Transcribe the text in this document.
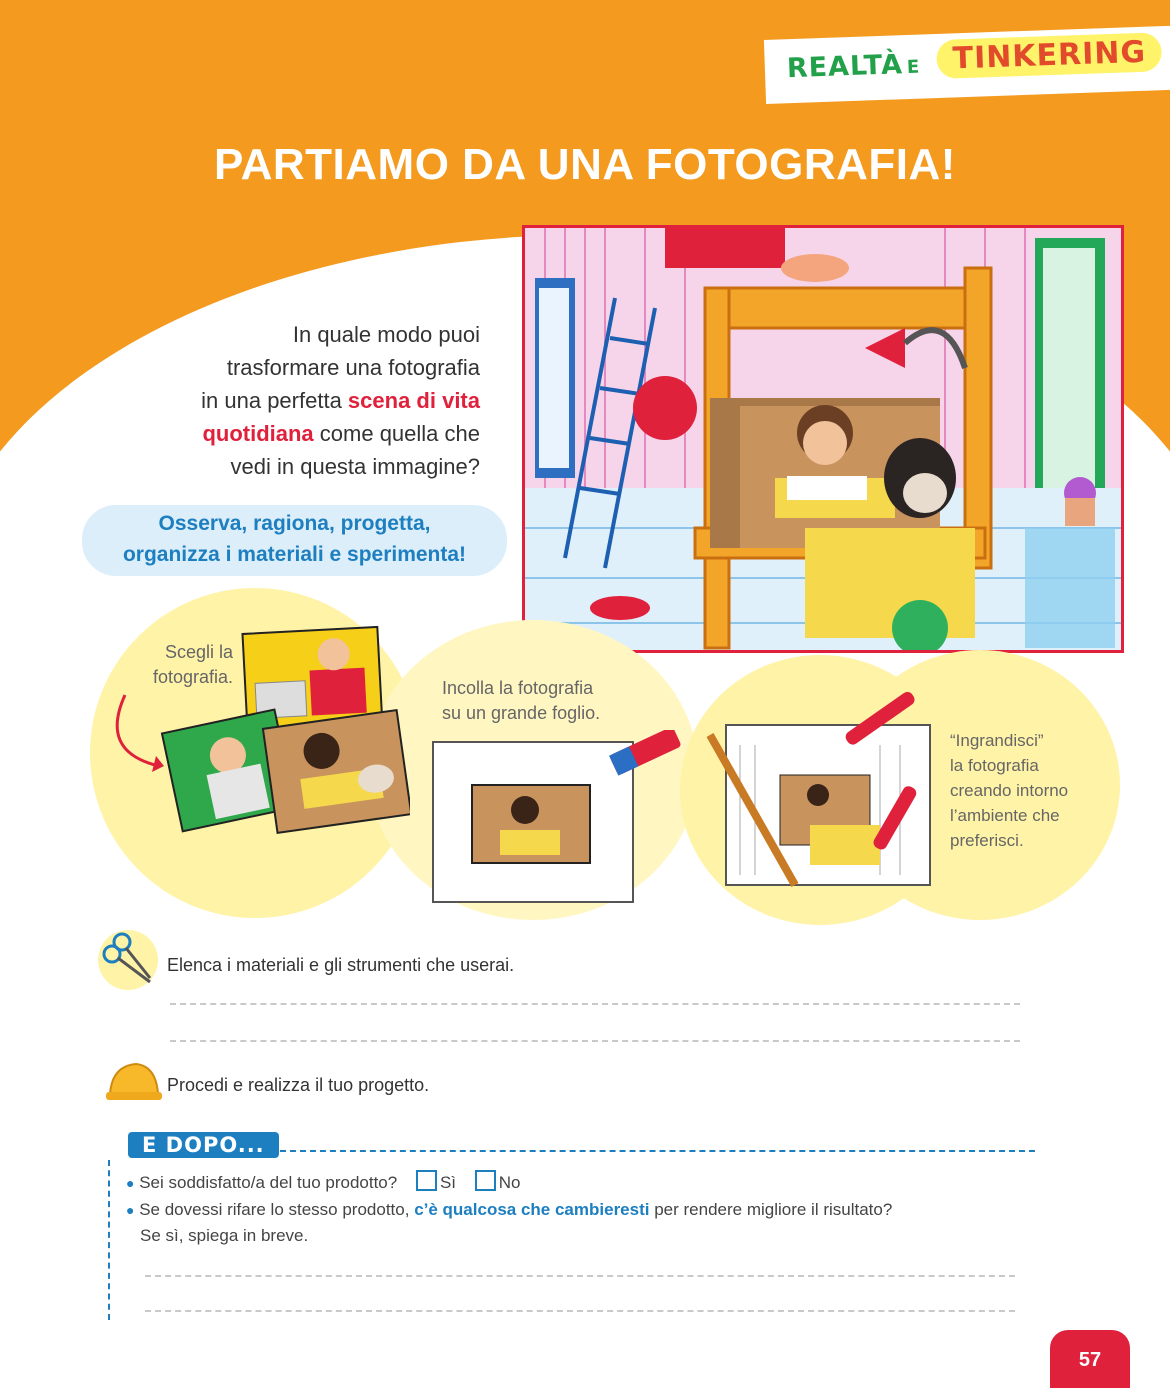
REALTÀ E	TINKERING
PARTIAMO DA UNA FOTOGRAFIA!
In quale modo puoi
trasformare una fotografia
in una perfetta scena di vita
quotidiana come quella che
vedi in questa immagine?
Osserva, ragiona, progetta,
organizza i materiali e sperimenta!
Scegli la
fotografia.
Incolla la fotografia
su un grande foglio.
“Ingrandisci”
la fotografia
creando intorno
l’ambiente che
preferisci.
Elenca i materiali e gli strumenti che userai.
Procedi e realizza il tuo progetto.
E DOPO...
● Sei soddisfatto/a del tuo prodotto?	Sì	No
● Se dovessi rifare lo stesso prodotto, c’è qualcosa che cambieresti per rendere migliore il risultato?
Se sì, spiega in breve.
57
